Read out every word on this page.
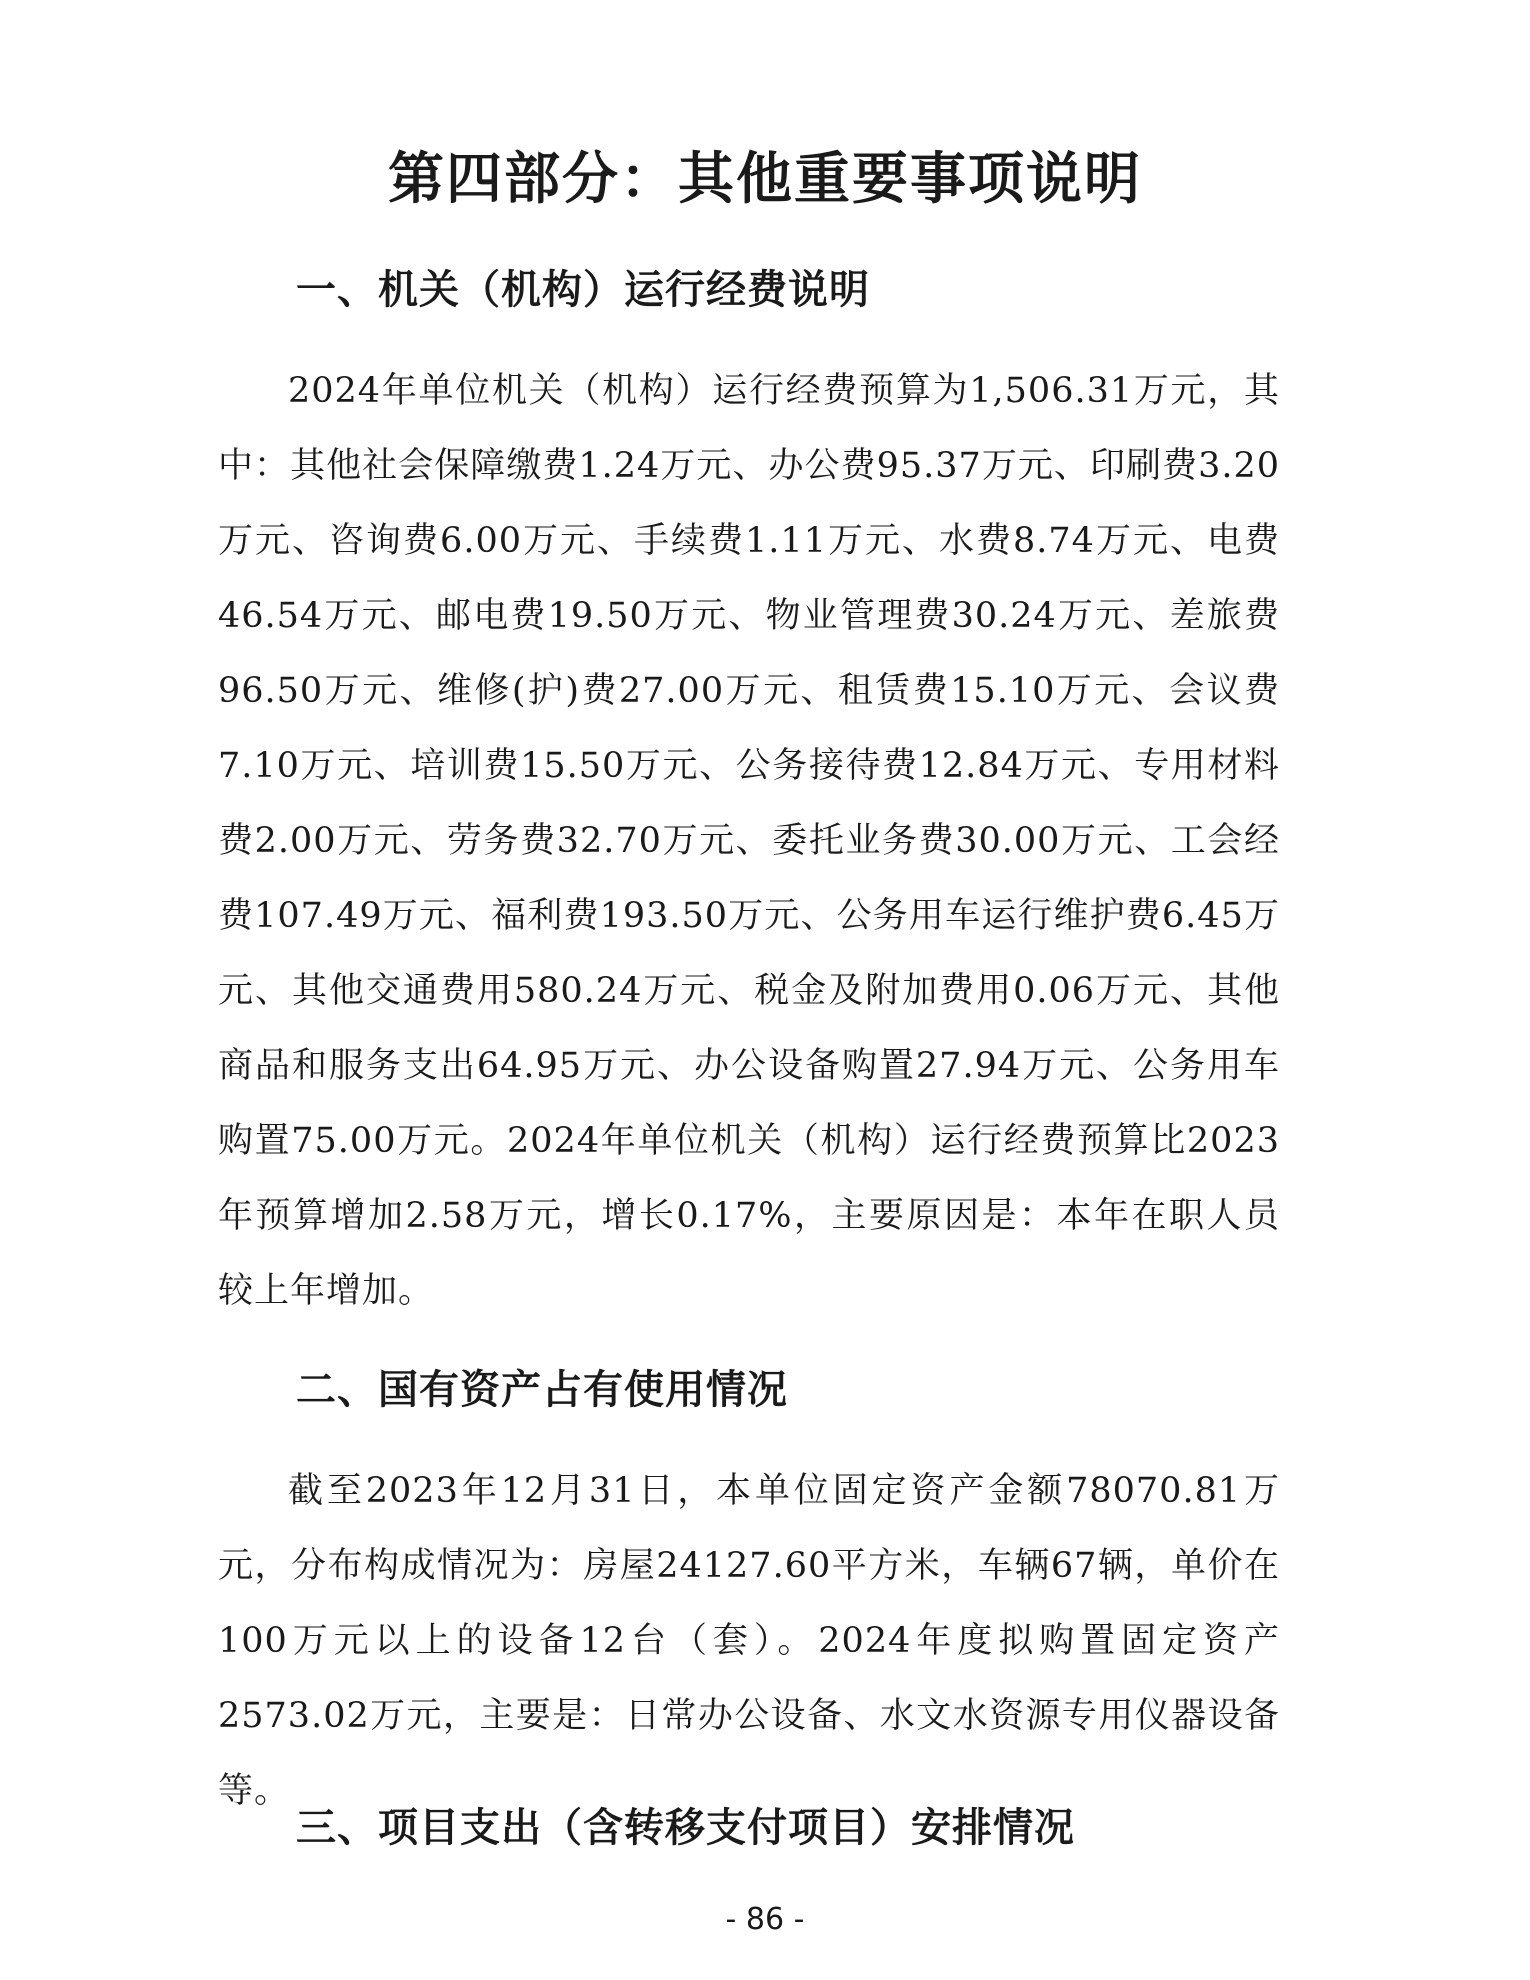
第四部分：其他重要事项说明
一、机关（机构）运行经费说明

2024年单位机关（机构）运行经费预算为1,506.31万元，其中：其他社会保障缴费1.24万元、办公费95.37万元、印刷费3.20万元、咨询费6.00万元、手续费1.11万元、水费8.74万元、电费46.54万元、邮电费19.50万元、物业管理费30.24万元、差旅费96.50万元、维修(护)费27.00万元、租赁费15.10万元、会议费7.10万元、培训费15.50万元、公务接待费12.84万元、专用材料费2.00万元、劳务费32.70万元、委托业务费30.00万元、工会经费107.49万元、福利费193.50万元、公务用车运行维护费6.45万元、其他交通费用580.24万元、税金及附加费用0.06万元、其他商品和服务支出64.95万元、办公设备购置27.94万元、公务用车购置75.00万元。2024年单位机关（机构）运行经费预算比2023年预算增加2.58万元，增长0.17%，主要原因是：本年在职人员较上年增加。

二、国有资产占有使用情况

截至2023年12月31日，本单位固定资产金额78070.81万元，分布构成情况为：房屋24127.60平方米，车辆67辆，单价在100万元以上的设备12台（套）。2024年度拟购置固定资产2573.02万元，主要是：日常办公设备、水文水资源专用仪器设备等。

三、项目支出（含转移支付项目）安排情况
- 86 -
